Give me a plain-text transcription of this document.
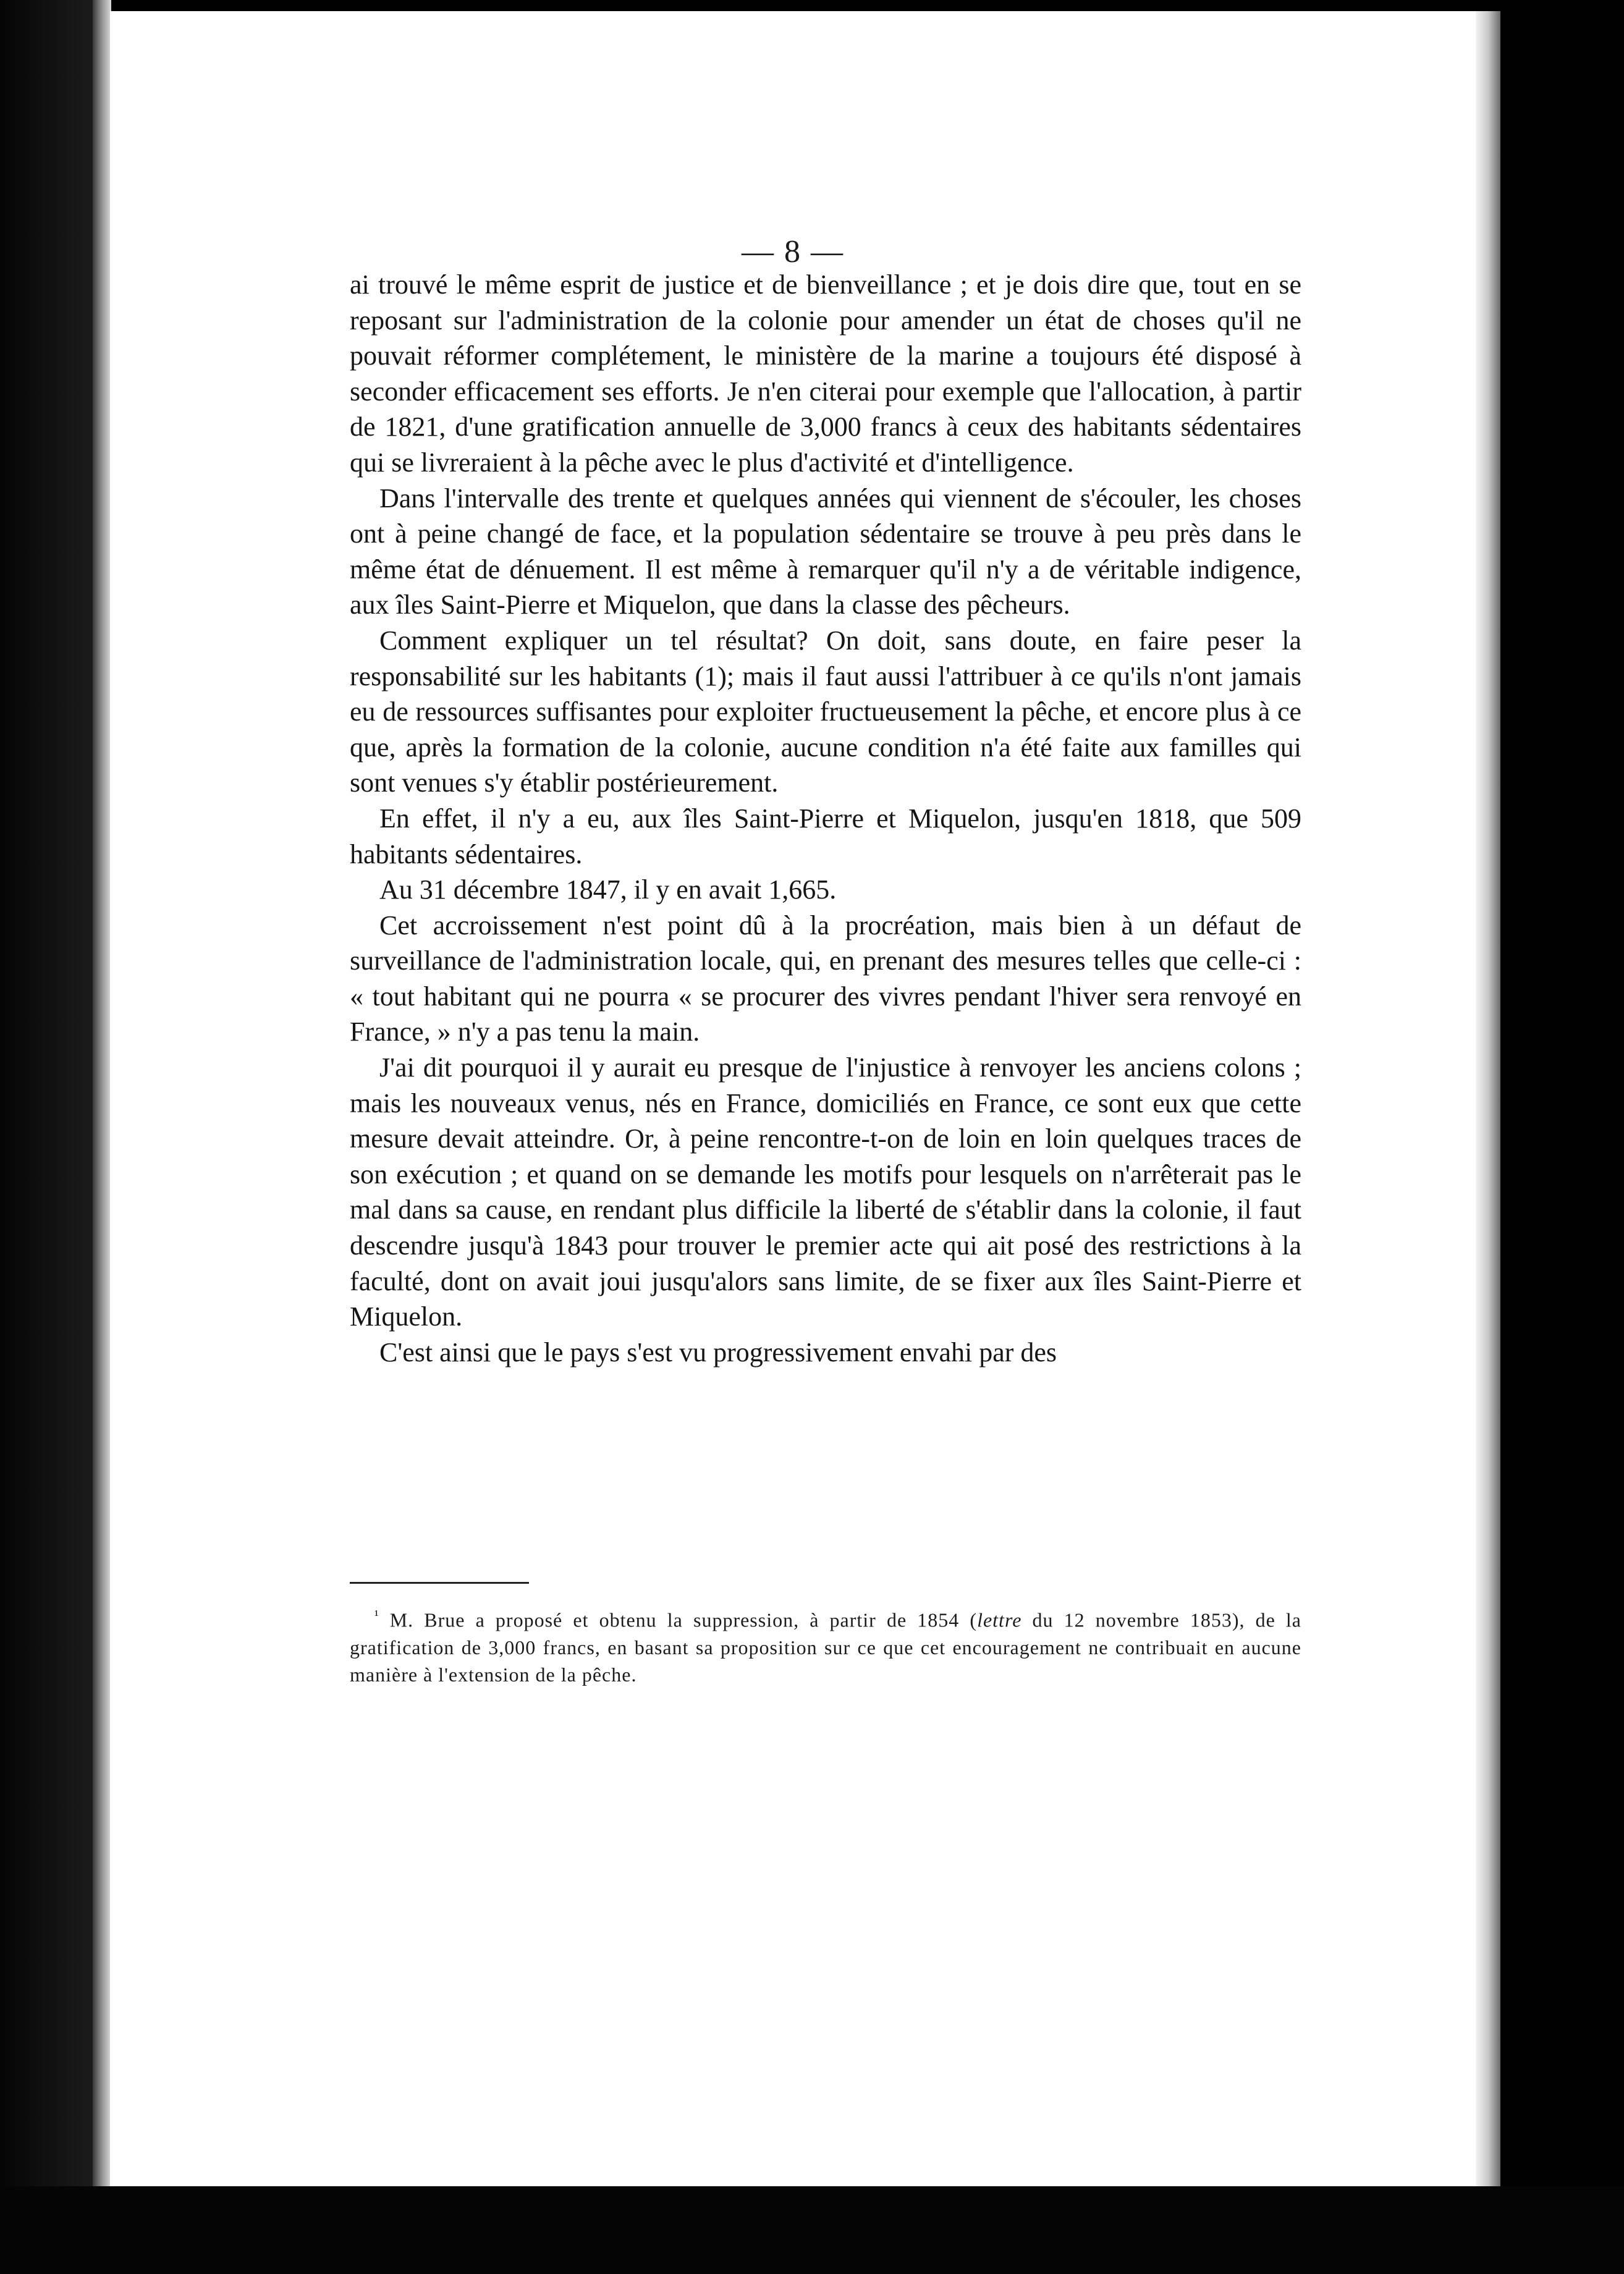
— 8 —

ai trouvé le même esprit de justice et de bienveillance ; et je dois dire que, tout en se reposant sur l'administration de la colonie pour amender un état de choses qu'il ne pouvait réformer complétement, le ministère de la marine a toujours été disposé à seconder efficacement ses efforts. Je n'en citerai pour exemple que l'allocation, à partir de 1821, d'une gratification annuelle de 3,000 francs à ceux des habitants sédentaires qui se livreraient à la pêche avec le plus d'activité et d'intelligence.

Dans l'intervalle des trente et quelques années qui viennent de s'écouler, les choses ont à peine changé de face, et la population sédentaire se trouve à peu près dans le même état de dénuement. Il est même à remarquer qu'il n'y a de véritable indigence, aux îles Saint-Pierre et Miquelon, que dans la classe des pêcheurs.

Comment expliquer un tel résultat? On doit, sans doute, en faire peser la responsabilité sur les habitants (1); mais il faut aussi l'attribuer à ce qu'ils n'ont jamais eu de ressources suffisantes pour exploiter fructueusement la pêche, et encore plus à ce que, après la formation de la colonie, aucune condition n'a été faite aux familles qui sont venues s'y établir postérieurement.

En effet, il n'y a eu, aux îles Saint-Pierre et Miquelon, jusqu'en 1818, que 509 habitants sédentaires.

Au 31 décembre 1847, il y en avait 1,665.

Cet accroissement n'est point dû à la procréation, mais bien à un défaut de surveillance de l'administration locale, qui, en prenant des mesures telles que celle-ci : « tout habitant qui ne pourra « se procurer des vivres pendant l'hiver sera renvoyé en France, » n'y a pas tenu la main.

J'ai dit pourquoi il y aurait eu presque de l'injustice à renvoyer les anciens colons ; mais les nouveaux venus, nés en France, domiciliés en France, ce sont eux que cette mesure devait atteindre. Or, à peine rencontre-t-on de loin en loin quelques traces de son exécution ; et quand on se demande les motifs pour lesquels on n'arrêterait pas le mal dans sa cause, en rendant plus difficile la liberté de s'établir dans la colonie, il faut descendre jusqu'à 1843 pour trouver le premier acte qui ait posé des restrictions à la faculté, dont on avait joui jusqu'alors sans limite, de se fixer aux îles Saint-Pierre et Miquelon.

C'est ainsi que le pays s'est vu progressivement envahi par des

$^{^1}$ M. Brue a proposé et obtenu la suppression, à partir de 1854 (lettre du 12 novembre 1853), de la gratification de 3,000 francs, en basant sa proposition sur ce que cet encouragement ne contribuait en aucune manière à l'extension de la pêche.
